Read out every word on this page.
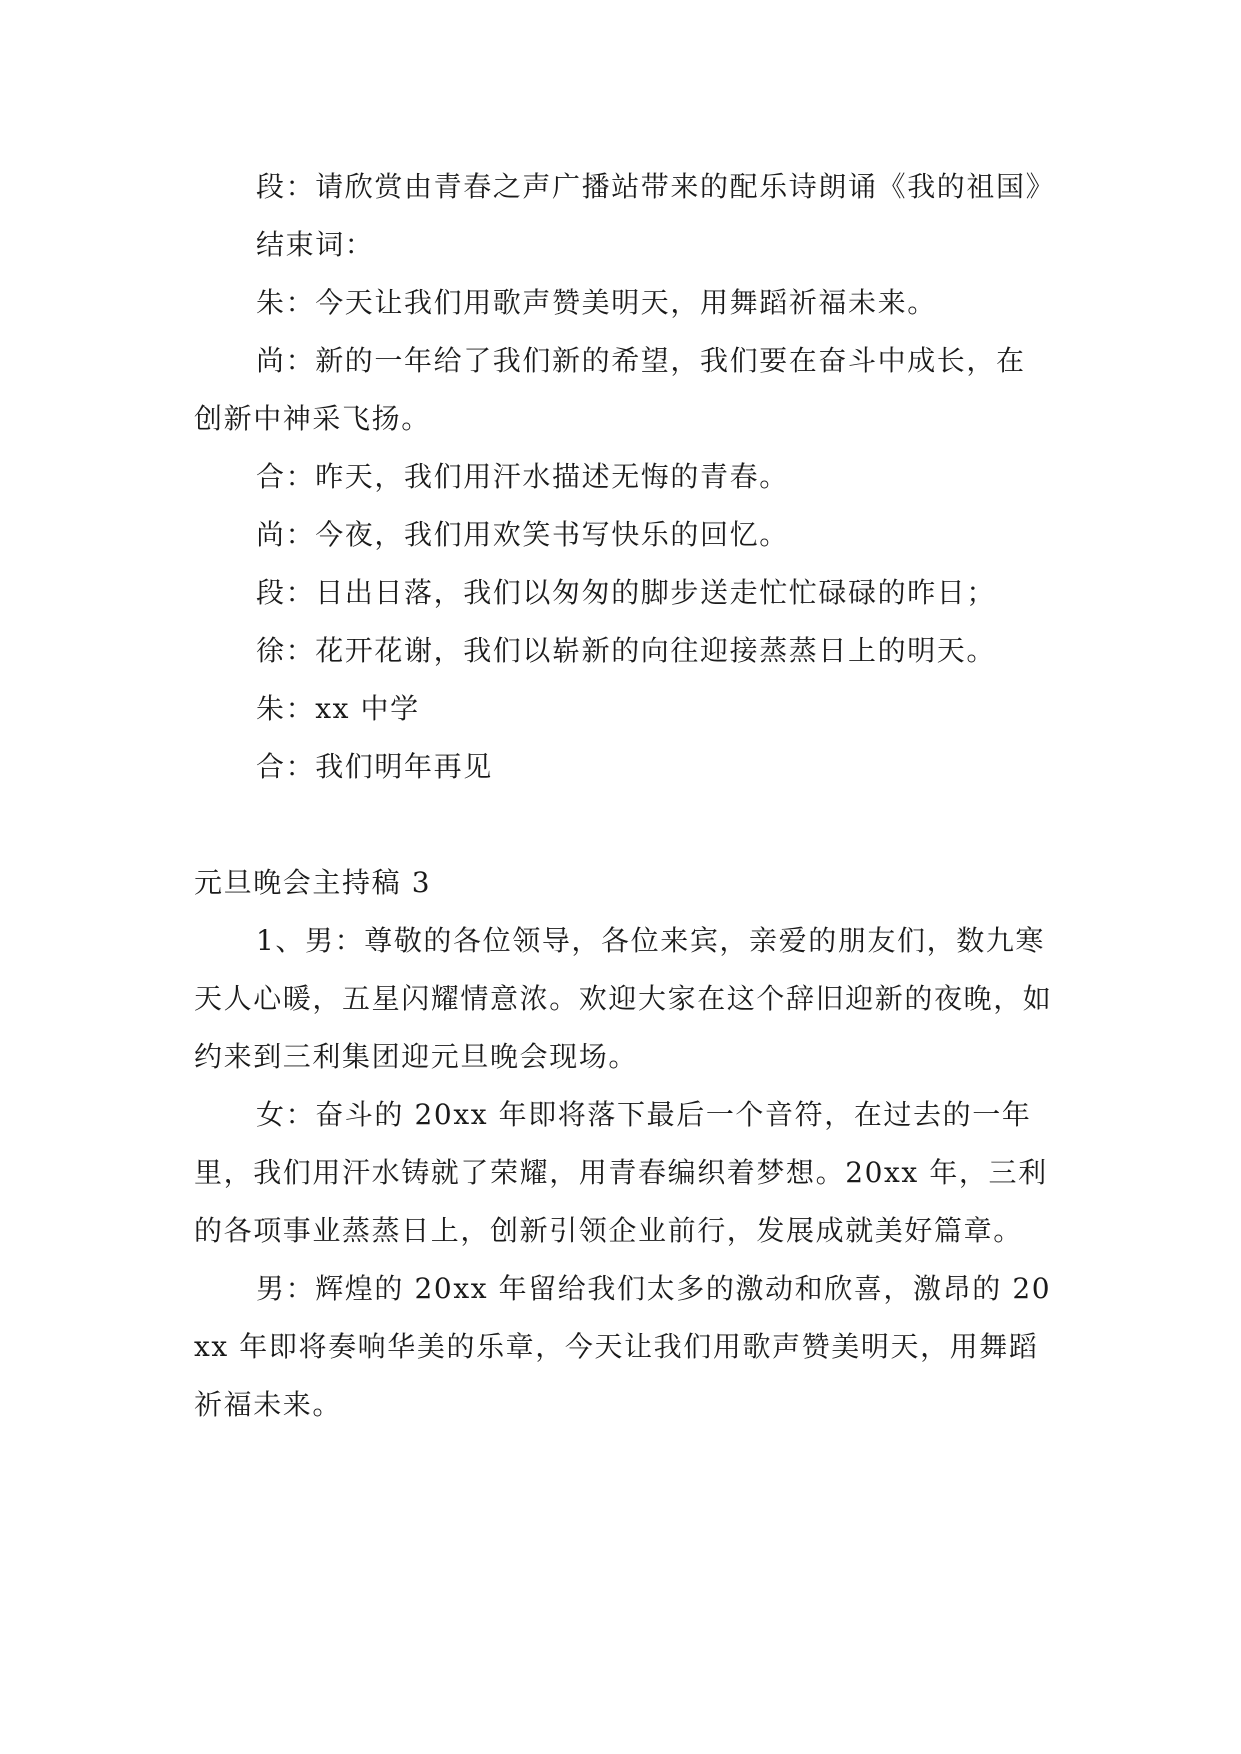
段：请欣赏由青春之声广播站带来的配乐诗朗诵《我的祖国》

结束词：

朱：今天让我们用歌声赞美明天，用舞蹈祈福未来。

尚：新的一年给了我们新的希望，我们要在奋斗中成长，在创新中神采飞扬。

合：昨天，我们用汗水描述无悔的青春。

尚：今夜，我们用欢笑书写快乐的回忆。

段：日出日落，我们以匆匆的脚步送走忙忙碌碌的昨日；

徐：花开花谢，我们以崭新的向往迎接蒸蒸日上的明天。

朱：xx 中学

合：我们明年再见

元旦晚会主持稿 3

1、男：尊敬的各位领导，各位来宾，亲爱的朋友们，数九寒天人心暖，五星闪耀情意浓。欢迎大家在这个辞旧迎新的夜晚，如约来到三利集团迎元旦晚会现场。

女：奋斗的 20xx 年即将落下最后一个音符，在过去的一年里，我们用汗水铸就了荣耀，用青春编织着梦想。20xx 年，三利的各项事业蒸蒸日上，创新引领企业前行，发展成就美好篇章。

男：辉煌的 20xx 年留给我们太多的激动和欣喜，激昂的 20xx 年即将奏响华美的乐章，今天让我们用歌声赞美明天，用舞蹈祈福未来。
